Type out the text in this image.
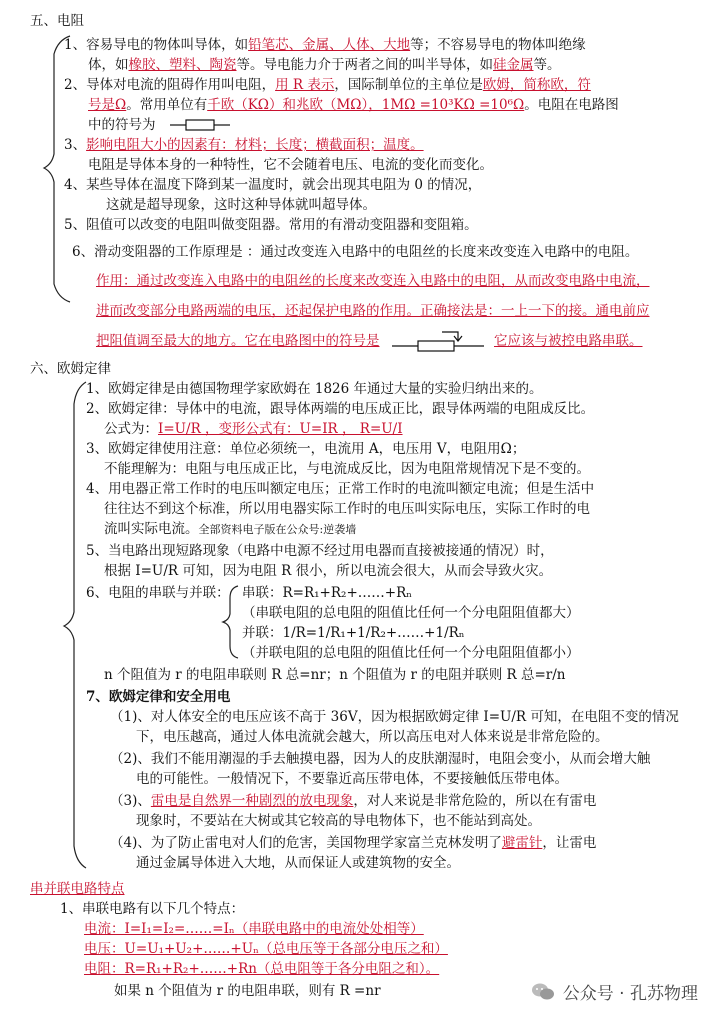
五、电阻
1、容易导电的物体叫导体，如铅笔芯、金属、人体、大地等；不容易导电的物体叫绝缘
体，如橡胶、塑料、陶瓷等。导电能力介于两者之间的叫半导体，如硅金属等。
2、导体对电流的阻碍作用叫电阻，用 R 表示，国际制单位的主单位是欧姆，简称欧，符
号是Ω。常用单位有千欧（KΩ）和兆欧（MΩ），1MΩ =10³KΩ =10⁶Ω。电阻在电路图
中的符号为
3、影响电阻大小的因素有：材料；长度；横截面积；温度。
电阻是导体本身的一种特性，它不会随着电压、电流的变化而变化。
4、某些导体在温度下降到某一温度时，就会出现其电阻为 0 的情况，
这就是超导现象，这时这种导体就叫超导体。
5、阻值可以改变的电阻叫做变阻器。常用的有滑动变阻器和变阻箱。
6、滑动变阻器的工作原理是 ：通过改变连入电路中的电阻丝的长度来改变连入电路中的电阻。
作用：通过改变连入电路中的电阻丝的长度来改变连入电路中的电阻，从而改变电路中电流，
进而改变部分电路两端的电压，还起保护电路的作用。正确接法是：一上一下的接。通电前应
把阻值调至最大的地方。它在电路图中的符号是	它应该与被控电路串联。
六、欧姆定律
1、欧姆定律是由德国物理学家欧姆在 1826 年通过大量的实验归纳出来的。
2、欧姆定律：导体中的电流，跟导体两端的电压成正比，跟导体两端的电阻成反比。
公式为：I=U/R ，变形公式有：U=IR ， R=U/I
3、欧姆定律使用注意：单位必须统一，电流用 A，电压用 V，电阻用Ω；
不能理解为：电阻与电压成正比，与电流成反比，因为电阻常规情况下是不变的。
4、用电器正常工作时的电压叫额定电压；正常工作时的电流叫额定电流；但是生活中
往往达不到这个标准，所以用电器实际工作时的电压叫实际电压，实际工作时的电
流叫实际电流。全部资料电子版在公众号:逆袭墙
5、当电路出现短路现象（电路中电源不经过用电器而直接被接通的情况）时，
根据 I=U/R 可知，因为电阻 R 很小，所以电流会很大，从而会导致火灾。
6、电阻的串联与并联： 串联：R=R₁+R₂+……+Rₙ
（串联电阻的总电阻的阻值比任何一个分电阻阻值都大）
并联：1/R=1/R₁+1/R₂+……+1/Rₙ
（并联电阻的总电阻的阻值比任何一个分电阻阻值都小）
n 个阻值为 r 的电阻串联则 R 总=nr；n 个阻值为 r 的电阻并联则 R 总=r/n
7、欧姆定律和安全用电
（1)、对人体安全的电压应该不高于 36V，因为根据欧姆定律 I=U/R 可知，在电阻不变的情况
下，电压越高，通过人体电流就会越大，所以高压电对人体来说是非常危险的。
（2)、我们不能用潮湿的手去触摸电器，因为人的皮肤潮湿时，电阻会变小，从而会增大触
电的可能性。一般情况下，不要靠近高压带电体，不要接触低压带电体。
（3)、雷电是自然界一种剧烈的放电现象，对人来说是非常危险的，所以在有雷电
现象时，不要站在大树或其它较高的导电物体下，也不能站到高处。
（4)、为了防止雷电对人们的危害，美国物理学家富兰克林发明了避雷针，让雷电
通过金属导体进入大地，从而保证人或建筑物的安全。
串并联电路特点
1、串联电路有以下几个特点：
电流：I=I₁=I₂=……=Iₙ（串联电路中的电流处处相等）
电压：U=U₁+U₂+……+Uₙ（总电压等于各部分电压之和）
电阻：R=R₁+R₂+……+Rn（总电阻等于各分电阻之和）。
如果 n 个阻值为 r 的电阻串联，则有 R =nr	公众号 · 孔苏物理
